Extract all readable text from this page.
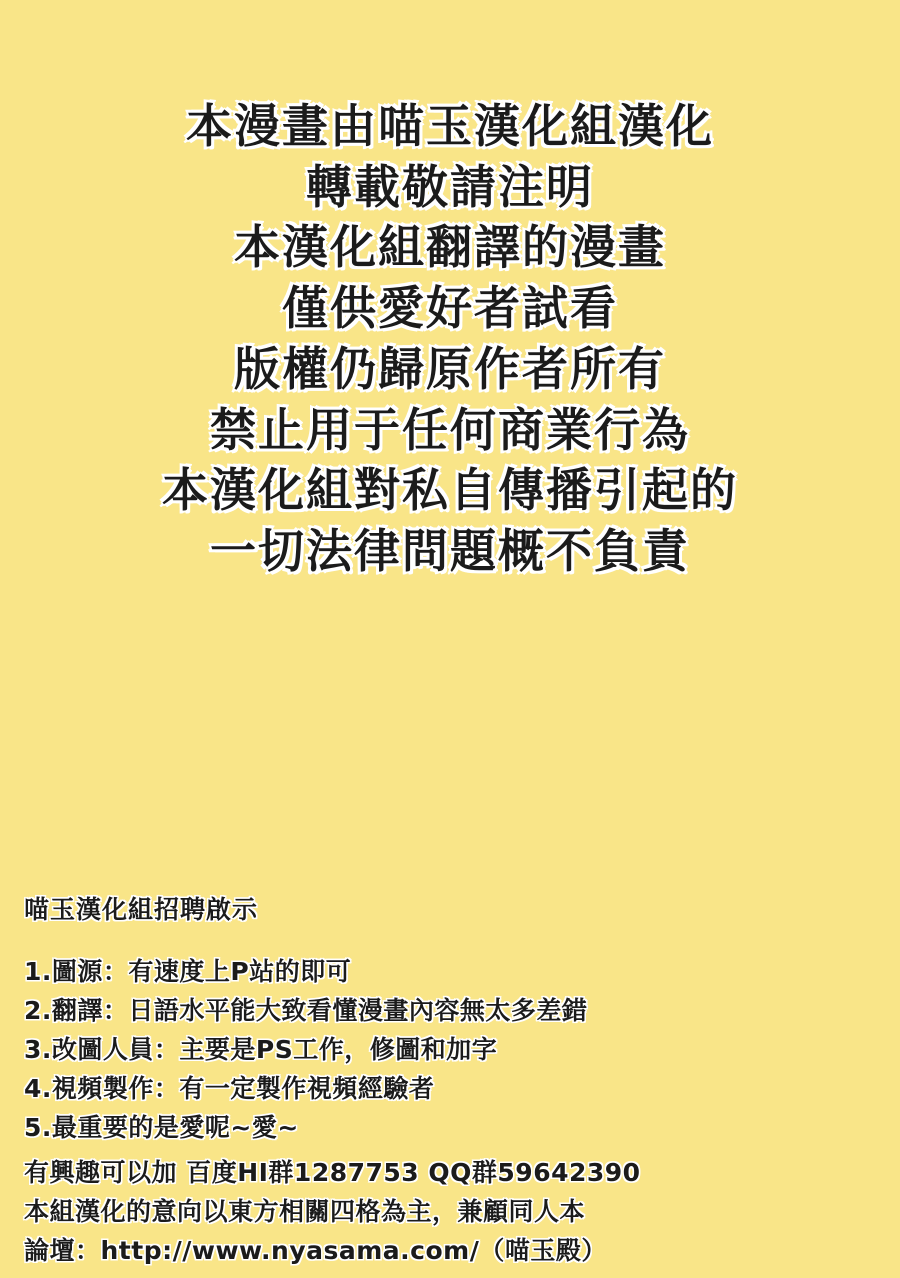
本漫畫由喵玉漢化組漢化
轉載敬請注明
本漢化組翻譯的漫畫
僅供愛好者試看
版權仍歸原作者所有
禁止用于任何商業行為
本漢化組對私自傳播引起的
一切法律問題概不負責
喵玉漢化組招聘啟示
1.圖源：有速度上P站的即可
2.翻譯：日語水平能大致看懂漫畫內容無太多差錯
3.改圖人員：主要是PS工作，修圖和加字
4.視頻製作：有一定製作視頻經驗者
5.最重要的是愛呢~愛~
有興趣可以加 百度HI群1287753 QQ群59642390
本組漢化的意向以東方相關四格為主，兼顧同人本
論壇：http://www.nyasama.com/（喵玉殿）
